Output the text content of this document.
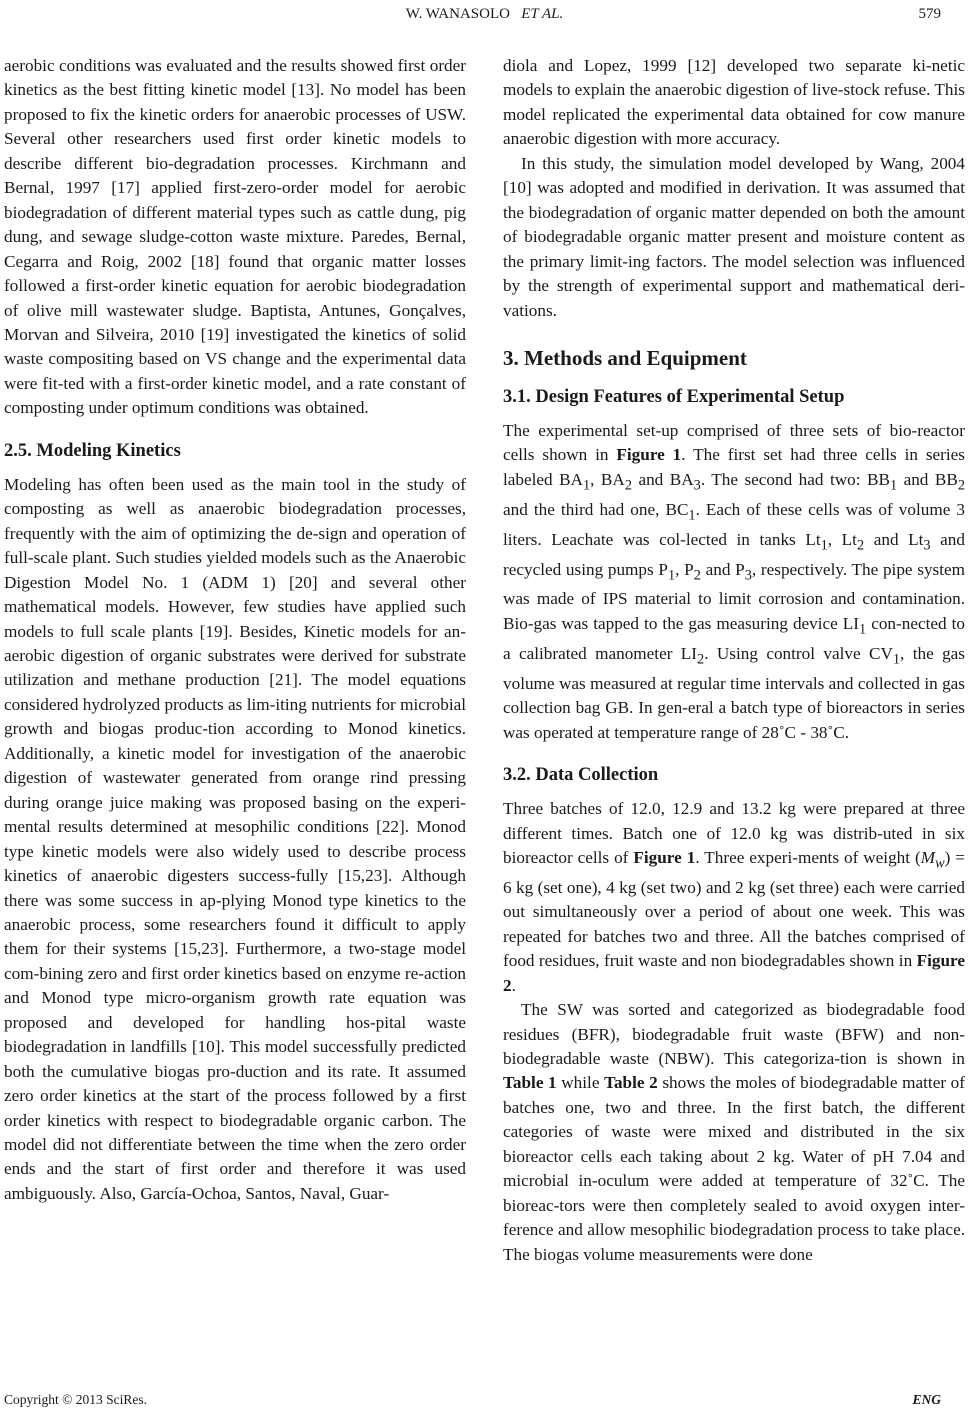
W. WANASOLO ET AL.	579

aerobic conditions was evaluated and the results showed first order kinetics as the best fitting kinetic model [13]. No model has been proposed to fix the kinetic orders for anaerobic processes of USW. Several other researchers used first order kinetic models to describe different bio-degradation processes. Kirchmann and Bernal, 1997 [17] applied first-zero-order model for aerobic biodegradation of different material types such as cattle dung, pig dung, and sewage sludge-cotton waste mixture. Paredes, Bernal, Cegarra and Roig, 2002 [18] found that organic matter losses followed a first-order kinetic equation for aerobic biodegradation of olive mill wastewater sludge. Baptista, Antunes, Gonçalves, Morvan and Silveira, 2010 [19] investigated the kinetics of solid waste compositing based on VS change and the experimental data were fit-ted with a first-order kinetic model, and a rate constant of composting under optimum conditions was obtained.

2.5. Modeling Kinetics

Modeling has often been used as the main tool in the study of composting as well as anaerobic biodegradation processes, frequently with the aim of optimizing the de-sign and operation of full-scale plant. Such studies yielded models such as the Anaerobic Digestion Model No. 1 (ADM 1) [20] and several other mathematical models. However, few studies have applied such models to full scale plants [19]. Besides, Kinetic models for an-aerobic digestion of organic substrates were derived for substrate utilization and methane production [21]. The model equations considered hydrolyzed products as lim-iting nutrients for microbial growth and biogas produc-tion according to Monod kinetics. Additionally, a kinetic model for investigation of the anaerobic digestion of wastewater generated from orange rind pressing during orange juice making was proposed basing on the experi-mental results determined at mesophilic conditions [22]. Monod type kinetic models were also widely used to describe process kinetics of anaerobic digesters success-fully [15,23]. Although there was some success in ap-plying Monod type kinetics to the anaerobic process, some researchers found it difficult to apply them for their systems [15,23]. Furthermore, a two-stage model com-bining zero and first order kinetics based on enzyme re-action and Monod type micro-organism growth rate equation was proposed and developed for handling hos-pital waste biodegradation in landfills [10]. This model successfully predicted both the cumulative biogas pro-duction and its rate. It assumed zero order kinetics at the start of the process followed by a first order kinetics with respect to biodegradable organic carbon. The model did not differentiate between the time when the zero order ends and the start of first order and therefore it was used ambiguously. Also, García-Ochoa, Santos, Naval, Guar-

diola and Lopez, 1999 [12] developed two separate ki-netic models to explain the anaerobic digestion of live-stock refuse. This model replicated the experimental data obtained for cow manure anaerobic digestion with more accuracy.

In this study, the simulation model developed by Wang, 2004 [10] was adopted and modified in derivation. It was assumed that the biodegradation of organic matter depended on both the amount of biodegradable organic matter present and moisture content as the primary limit-ing factors. The model selection was influenced by the strength of experimental support and mathematical deri-vations.

3. Methods and Equipment
3.1. Design Features of Experimental Setup

The experimental set-up comprised of three sets of bio-reactor cells shown in Figure 1. The first set had three cells in series labeled $BA_1$, $BA_2$ and $BA_3$. The second had two: $BB_1$ and $BB_2$ and the third had one, $BC_1$. Each of these cells was of volume 3 liters. Leachate was col-lected in tanks $Lt_1$, $Lt_2$ and $Lt_3$ and recycled using pumps $P_1$, $P_2$ and $P_3$, respectively. The pipe system was made of IPS material to limit corrosion and contamination. Bio-gas was tapped to the gas measuring device $LI_1$ con-nected to a calibrated manometer $LI_2$. Using control valve $CV_1$, the gas volume was measured at regular time intervals and collected in gas collection bag GB. In gen-eral a batch type of bioreactors in series was operated at temperature range of 28˚C - 38˚C.

3.2. Data Collection

Three batches of 12.0, 12.9 and 13.2 kg were prepared at three different times. Batch one of 12.0 kg was distrib-uted in six bioreactor cells of Figure 1. Three experi-ments of weight $(M_w) = 6$ kg (set one), 4 kg (set two) and 2 kg (set three) each were carried out simultaneously over a period of about one week. This was repeated for batches two and three. All the batches comprised of food residues, fruit waste and non biodegradables shown in Figure 2.

The SW was sorted and categorized as biodegradable food residues (BFR), biodegradable fruit waste (BFW) and non-biodegradable waste (NBW). This categoriza-tion is shown in Table 1 while Table 2 shows the moles of biodegradable matter of batches one, two and three. In the first batch, the different categories of waste were mixed and distributed in the six bioreactor cells each taking about 2 kg. Water of pH 7.04 and microbial in-oculum were added at temperature of 32˚C. The bioreac-tors were then completely sealed to avoid oxygen inter-ference and allow mesophilic biodegradation process to take place. The biogas volume measurements were done

Copyright © 2013 SciRes.	ENG
